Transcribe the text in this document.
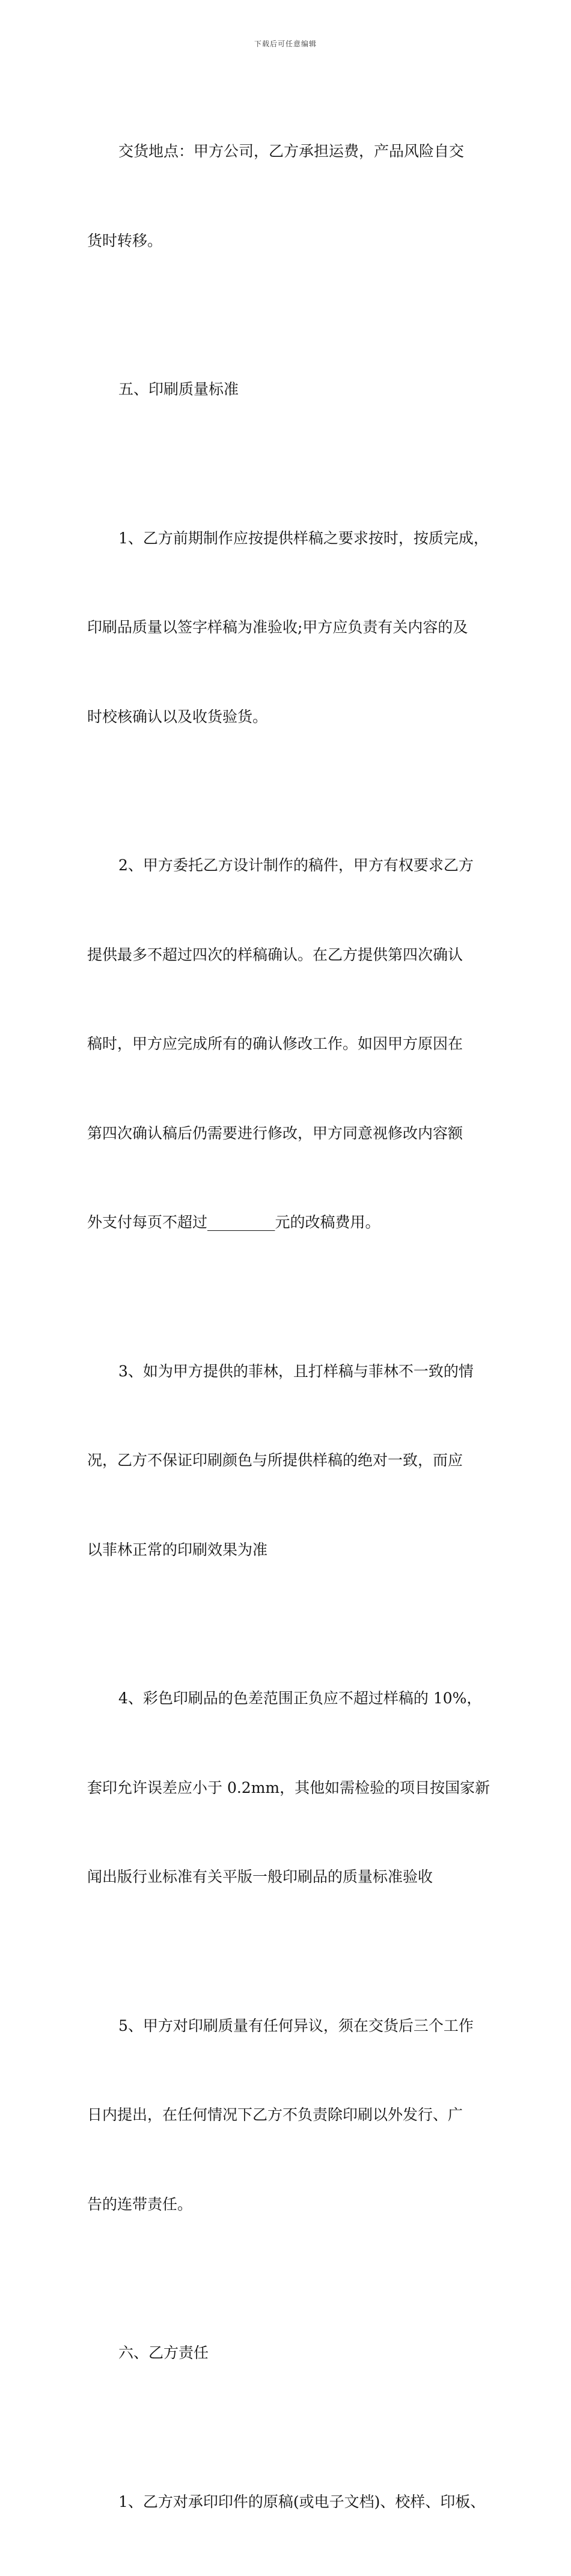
下载后可任意编辑

交货地点：甲方公司，乙方承担运费，产品风险自交

货时转移。

五、印刷质量标准

1、乙方前期制作应按提供样稿之要求按时，按质完成，

印刷品质量以签字样稿为准验收;甲方应负责有关内容的及

时校核确认以及收货验货。

2、甲方委托乙方设计制作的稿件，甲方有权要求乙方

提供最多不超过四次的样稿确认。在乙方提供第四次确认

稿时，甲方应完成所有的确认修改工作。如因甲方原因在

第四次确认稿后仍需要进行修改，甲方同意视修改内容额

外支付每页不超过_________元的改稿费用。

3、如为甲方提供的菲林，且打样稿与菲林不一致的情

况，乙方不保证印刷颜色与所提供样稿的绝对一致，而应

以菲林正常的印刷效果为准

4、彩色印刷品的色差范围正负应不超过样稿的 10%，

套印允许误差应小于 0.2mm，其他如需检验的项目按国家新

闻出版行业标准有关平版一般印刷品的质量标准验收

5、甲方对印刷质量有任何异议，须在交货后三个工作

日内提出，在任何情况下乙方不负责除印刷以外发行、广

告的连带责任。

六、乙方责任

1、乙方对承印印件的原稿(或电子文档)、校样、印板、
